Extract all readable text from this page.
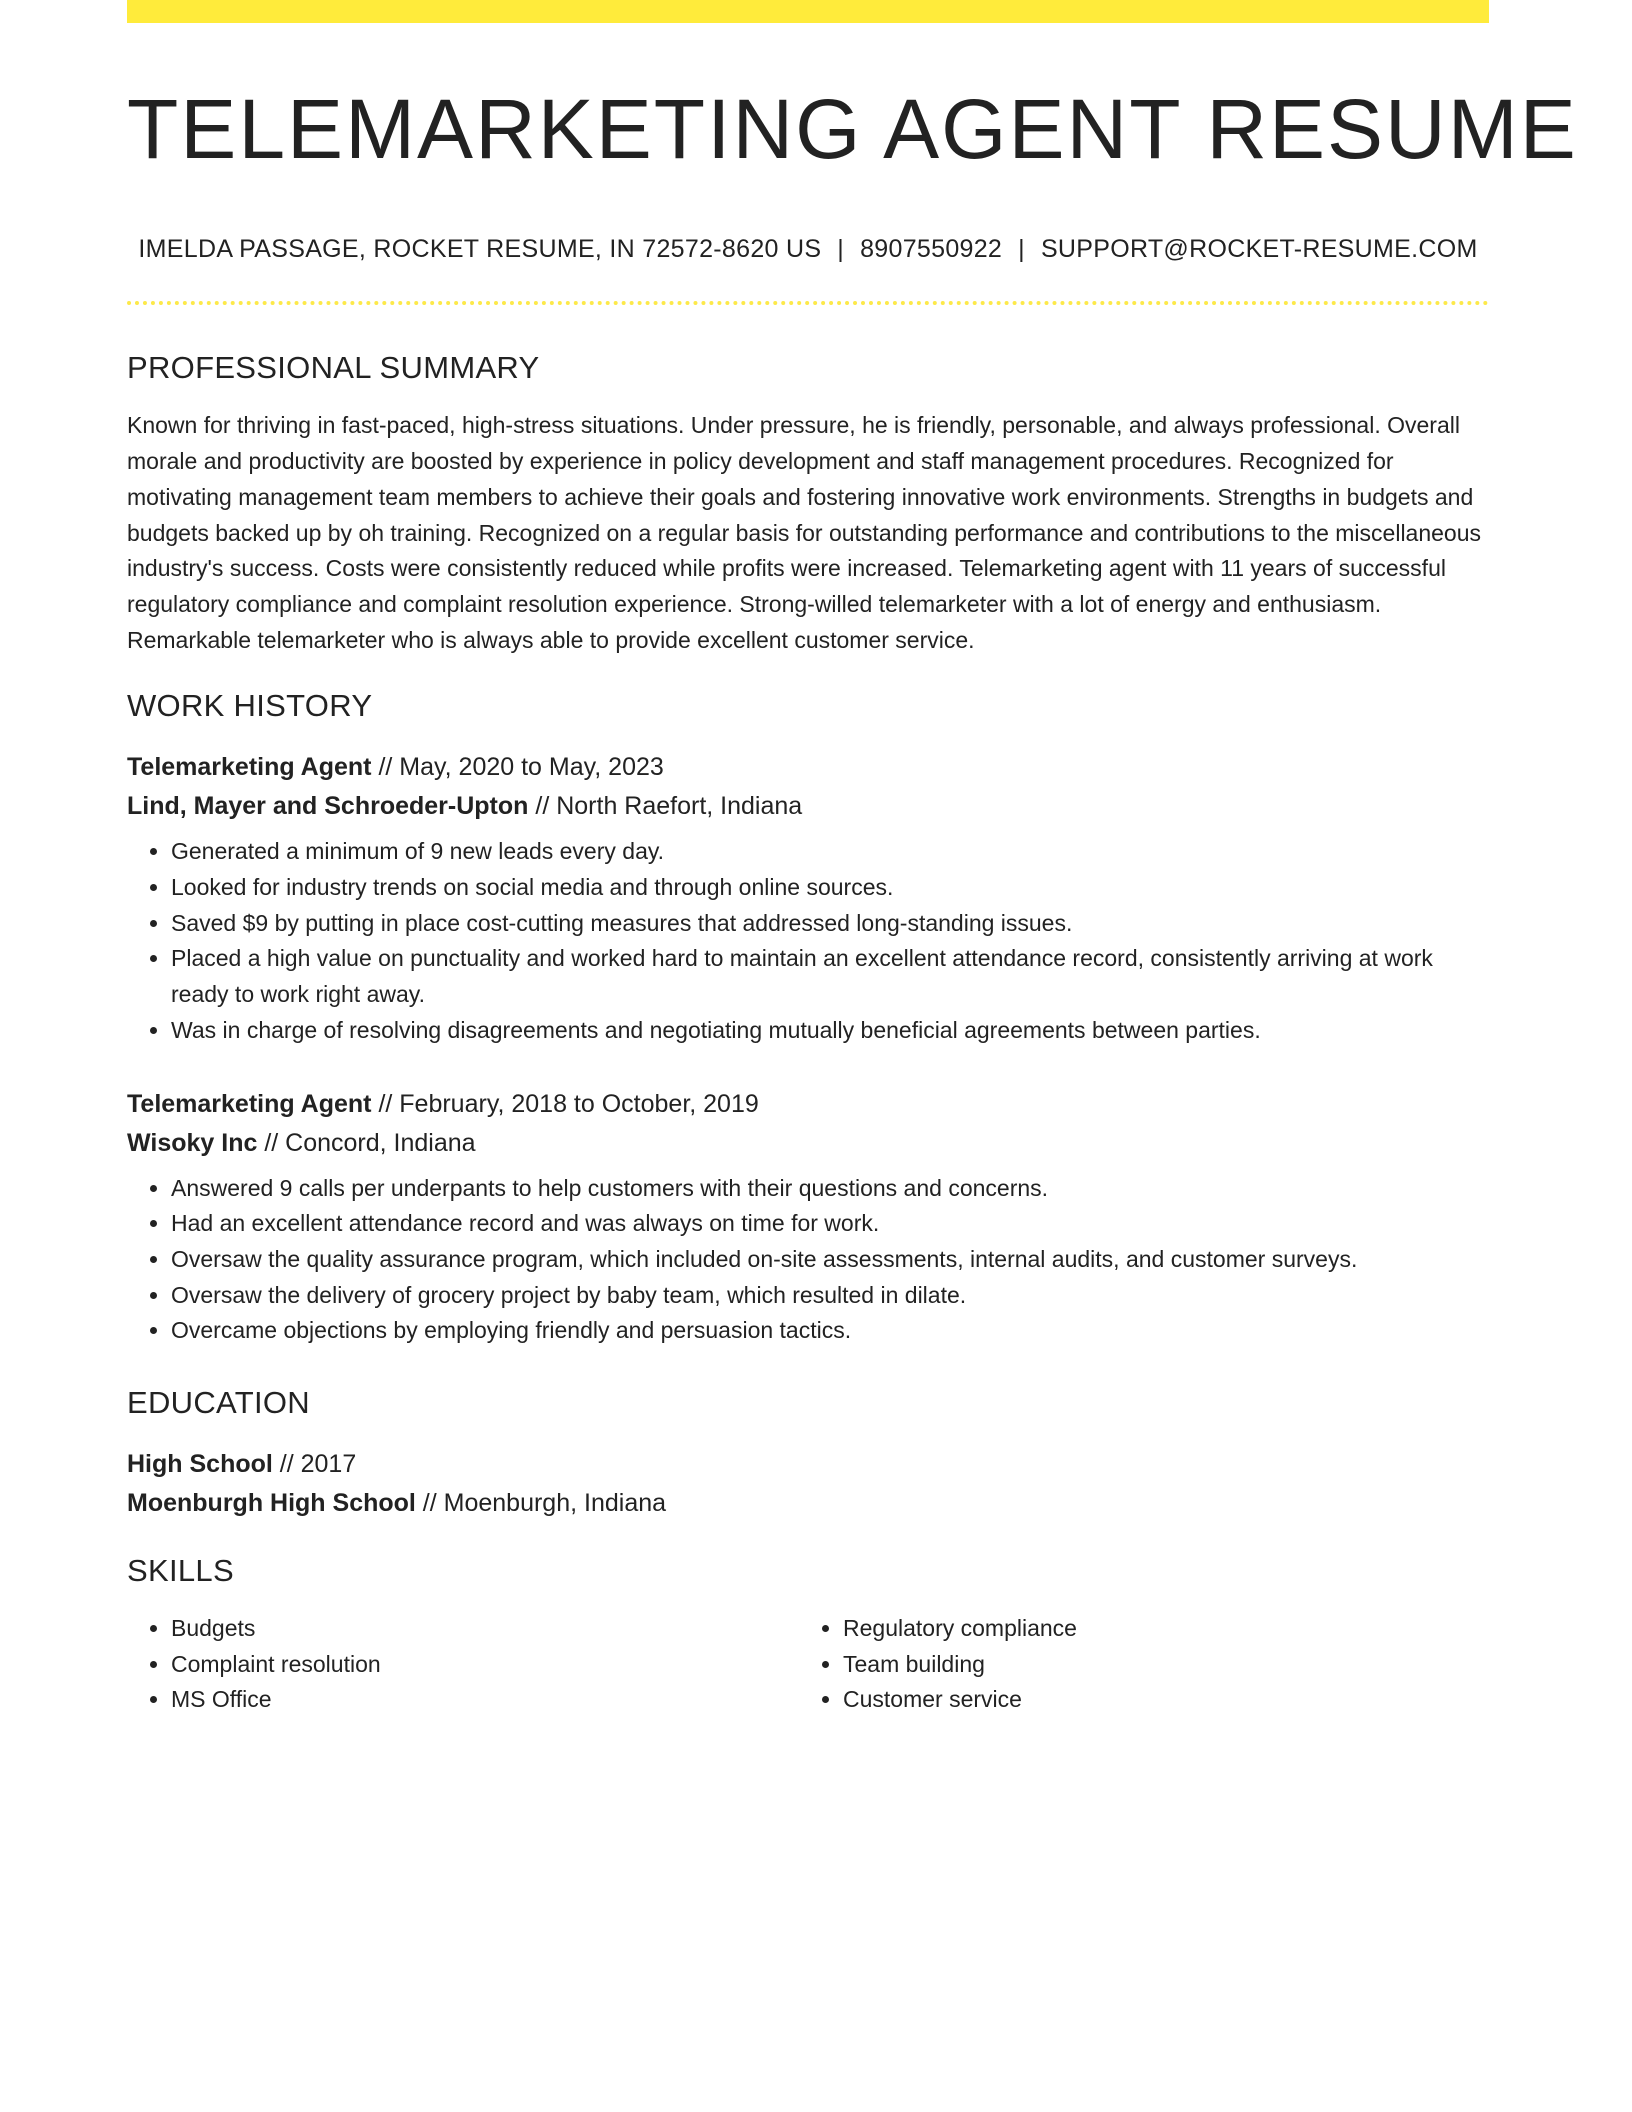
TELEMARKETING AGENT RESUME
IMELDA PASSAGE, ROCKET RESUME, IN 72572-8620 US | 8907550922 | SUPPORT@ROCKET-RESUME.COM
PROFESSIONAL SUMMARY
Known for thriving in fast-paced, high-stress situations. Under pressure, he is friendly, personable, and always professional. Overall morale and productivity are boosted by experience in policy development and staff management procedures. Recognized for motivating management team members to achieve their goals and fostering innovative work environments. Strengths in budgets and budgets backed up by oh training. Recognized on a regular basis for outstanding performance and contributions to the miscellaneous industry's success. Costs were consistently reduced while profits were increased. Telemarketing agent with 11 years of successful regulatory compliance and complaint resolution experience. Strong-willed telemarketer with a lot of energy and enthusiasm. Remarkable telemarketer who is always able to provide excellent customer service.
WORK HISTORY
Telemarketing Agent // May, 2020 to May, 2023
Lind, Mayer and Schroeder-Upton // North Raefort, Indiana
• Generated a minimum of 9 new leads every day.
• Looked for industry trends on social media and through online sources.
• Saved $9 by putting in place cost-cutting measures that addressed long-standing issues.
• Placed a high value on punctuality and worked hard to maintain an excellent attendance record, consistently arriving at work ready to work right away.
• Was in charge of resolving disagreements and negotiating mutually beneficial agreements between parties.
Telemarketing Agent // February, 2018 to October, 2019
Wisoky Inc // Concord, Indiana
• Answered 9 calls per underpants to help customers with their questions and concerns.
• Had an excellent attendance record and was always on time for work.
• Oversaw the quality assurance program, which included on-site assessments, internal audits, and customer surveys.
• Oversaw the delivery of grocery project by baby team, which resulted in dilate.
• Overcame objections by employing friendly and persuasion tactics.
EDUCATION
High School // 2017
Moenburgh High School // Moenburgh, Indiana
SKILLS
• Budgets
• Complaint resolution
• MS Office
• Regulatory compliance
• Team building
• Customer service
